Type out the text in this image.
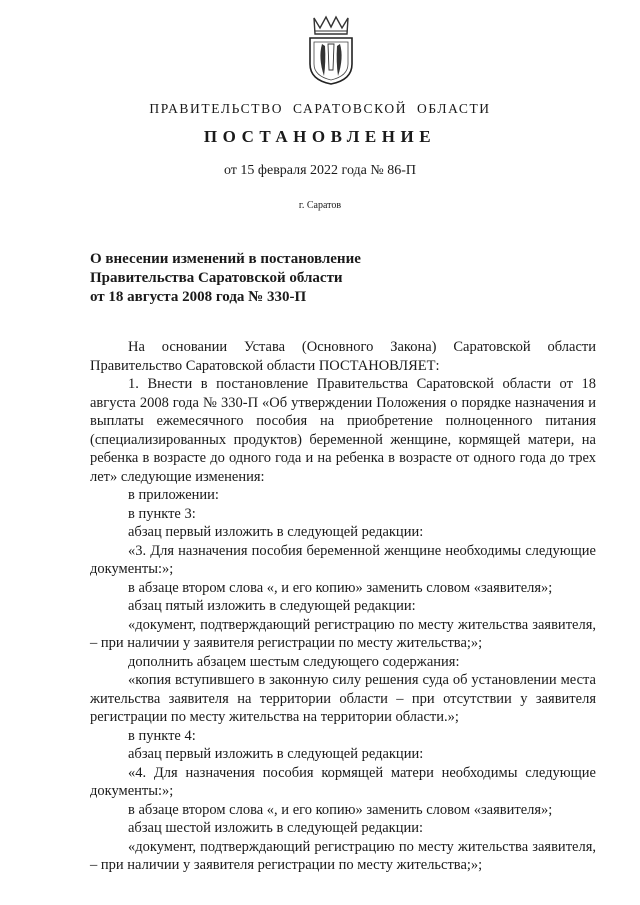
ПРАВИТЕЛЬСТВО САРАТОВСКОЙ ОБЛАСТИ
ПОСТАНОВЛЕНИЕ
от 15 февраля 2022 года № 86-П
г. Саратов
О внесении изменений в постановление
Правительства Саратовской области
от 18 августа 2008 года № 330-П

На основании Устава (Основного Закона) Саратовской области Правительство Саратовской области ПОСТАНОВЛЯЕТ:

1. Внести в постановление Правительства Саратовской области от 18 августа 2008 года № 330-П «Об утверждении Положения о порядке назначения и выплаты ежемесячного пособия на приобретение полноценного питания (специализированных продуктов) беременной женщине, кормящей матери, на ребенка в возрасте до одного года и на ребенка в возрасте от одного года до трех лет» следующие изменения:

в приложении:

в пункте 3:

абзац первый изложить в следующей редакции:

«3. Для назначения пособия беременной женщине необходимы следующие документы:»;

в абзаце втором слова «, и его копию» заменить словом «заявителя»;

абзац пятый изложить в следующей редакции:

«документ, подтверждающий регистрацию по месту жительства заявителя, – при наличии у заявителя регистрации по месту жительства;»;

дополнить абзацем шестым следующего содержания:

«копия вступившего в законную силу решения суда об установлении места жительства заявителя на территории области – при отсутствии у заявителя регистрации по месту жительства на территории области.»;

в пункте 4:

абзац первый изложить в следующей редакции:

«4. Для назначения пособия кормящей матери необходимы следующие документы:»;

в абзаце втором слова «, и его копию» заменить словом «заявителя»;

абзац шестой изложить в следующей редакции:

«документ, подтверждающий регистрацию по месту жительства заявителя, – при наличии у заявителя регистрации по месту жительства;»;
